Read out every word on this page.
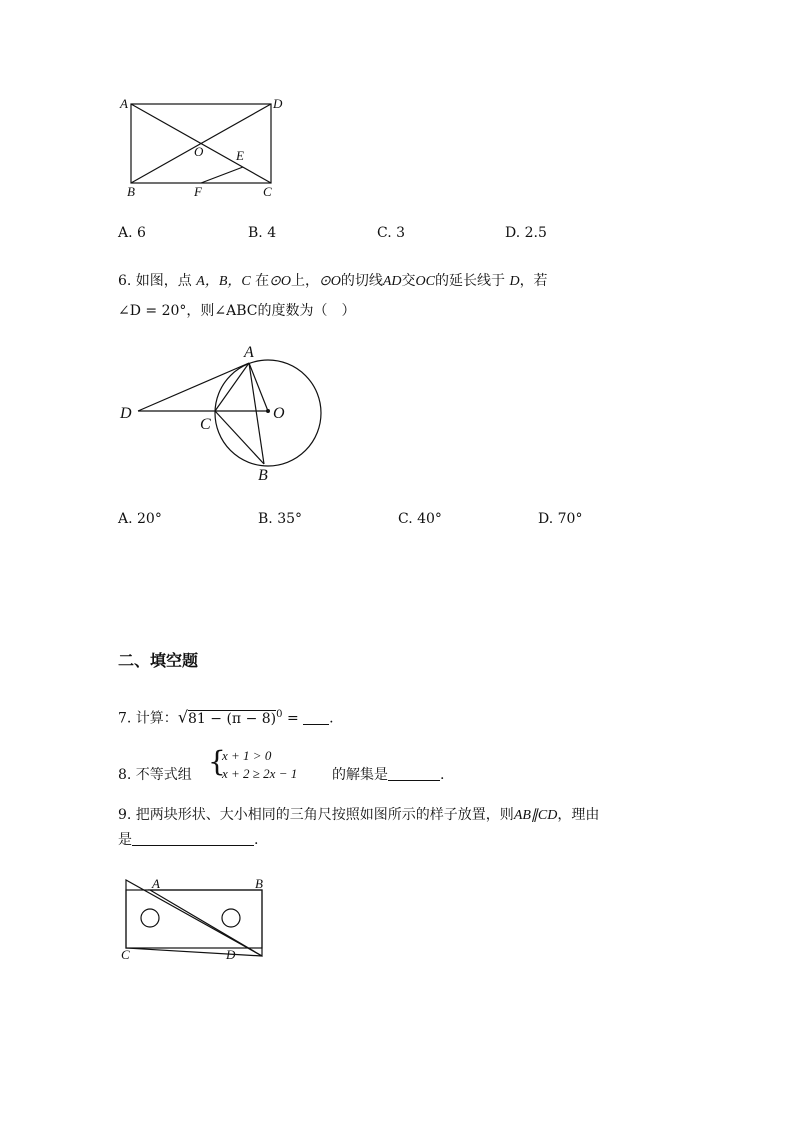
A	D
O	E
B	F	C
A. 6	B. 4	C. 3	D. 2.5
6. 如图，点 A，B，C 在⊙O上，⊙O的切线AD交OC的延长线于 D，若
∠D = 20°，则∠ABC的度数为（　）
A
D
C
O
B
A. 20°	B. 35°	C. 40°	D. 70°
二、填空题
7. 计算：$√81 - (\pi - 8)^0$ = .
8. 不等式组 {
x + 1 > 0
x + 2 ≥ 2x − 1 的解集是	.
9. 把两块形状、大小相同的三角尺按照如图所示的样子放置，则AB∥CD，理由
是	.
A	B
C	D
